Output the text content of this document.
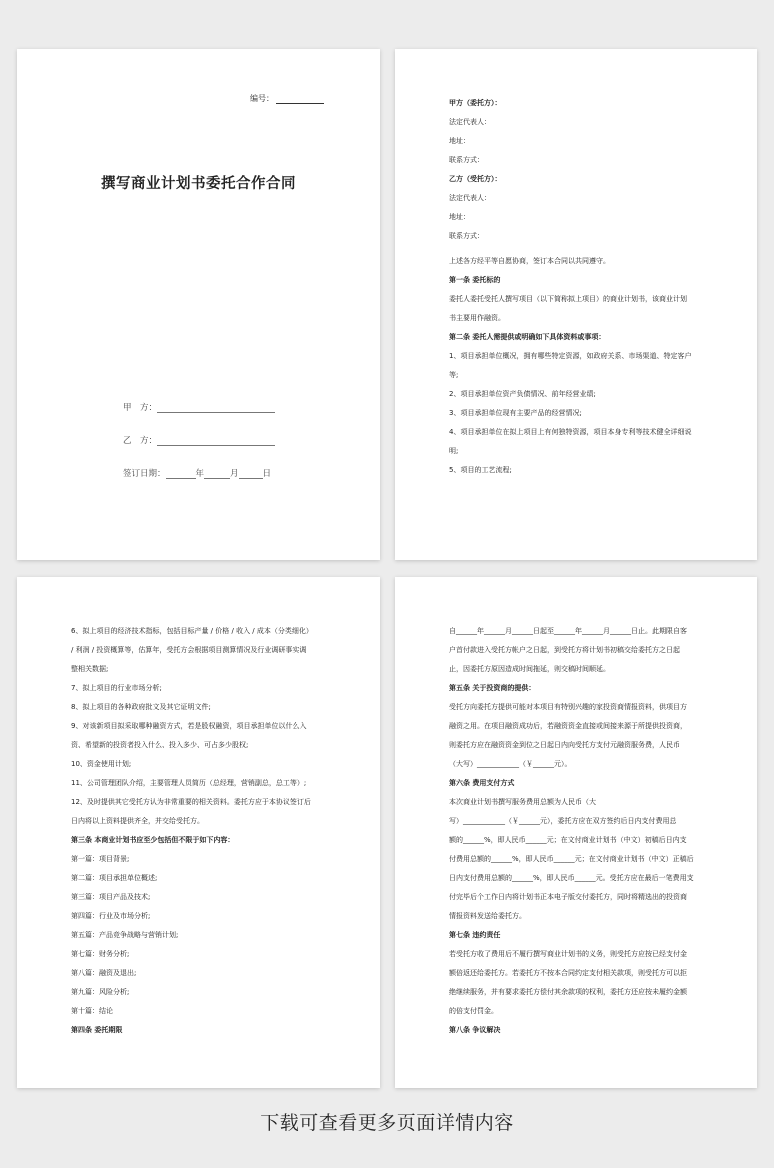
编号：
撰写商业计划书委托合作合同
甲　方：
乙　方：
签订日期：	年	月	日
甲方（委托方）：
法定代表人：
地址：
联系方式：
乙方（受托方）：
法定代表人：
地址：
联系方式：
上述各方经平等自愿协商，签订本合同以共同遵守。
第一条 委托标的
委托人委托受托人撰写项目（以下简称拟上项目）的商业计划书，该商业计划
书主要用作融资。
第二条 委托人需提供或明确如下具体资料或事项：
1、项目承担单位概况，拥有哪些特定资源，如政府关系、市场渠道、特定客户
等;
2、项目承担单位资产负债情况、前年经营业绩;
3、项目承担单位现有主要产品的经营情况;
4、项目承担单位在拟上项目上有何独特资源，项目本身专利等技术健全详细说
明;
5、项目的工艺流程;
6、拟上项目的经济技术指标，包括目标产量 / 价格 / 收入 / 成本（分类细化）
/ 利润 / 投资概算等，估算年，受托方会根据项目测算情况及行业调研事实调
整相关数据;
7、拟上项目的行业市场分析;
8、拟上项目的各种政府批文及其它证明文件;
9、对该新项目拟采取哪种融资方式，若是股权融资，项目承担单位以什么入
资、希望新的投资者投入什么、投入多少、可占多少股权;
10、资金使用计划;
11、公司管理团队介绍，主要管理人员简历（总经理，营销副总，总工等）;
12、及时提供其它受托方认为非常重要的相关资料。委托方应于本协议签订后
日内将以上资料提供齐全，并交给受托方。
第三条 本商业计划书应至少包括但不限于如下内容：
第一篇：项目背景;
第二篇：项目承担单位概述;
第三篇：项目产品及技术;
第四篇：行业及市场分析;
第五篇：产品竞争战略与营销计划;
第七篇：财务分析;
第八篇：融资及退出;
第九篇：风险分析;
第十篇：结论
第四条 委托期限
自______年______月______日起至______年______月______日止。此期限自客
户首付款进入受托方帐户之日起，到受托方将计划书初稿交给委托方之日起
止，因委托方原因造成时间拖延，则交稿时间顺延。
第五条 关于投资商的提供：
受托方向委托方提供可能对本项目有特别兴趣的家投资商情报资料，供项目方
融资之用。在项目融资成功后，若融资资金直接或间接来源于所提供投资商，
则委托方应在融资资金到位之日起日内向受托方支付元融资服务费，人民币
（大写）____________（￥______元）。
第六条 费用支付方式
本次商业计划书撰写服务费用总额为人民币（大
写）____________（￥______元），委托方应在双方签约后日内支付费用总
额的______%，即人民币______元；在文付商业计划书（中文）初稿后日内支
付费用总额的______%，即人民币______元；在文付商业计划书（中文）正稿后
日内支付费用总额的______%，即人民币______元。受托方应在最后一笔费用支
付完毕后个工作日内将计划书正本电子版交付委托方，同时将精选出的投资商
情报资料发送给委托方。
第七条 违约责任
若受托方收了费用后不履行撰写商业计划书的义务，则受托方应按已经支付金
额倍返还给委托方。若委托方不按本合同约定支付相关款项，则受托方可以拒
绝继续服务，并有要求委托方偿付其余款项的权利，委托方还应按未履约金额
的倍支付罚金。
第八条 争议解决
下载可查看更多页面详情内容
